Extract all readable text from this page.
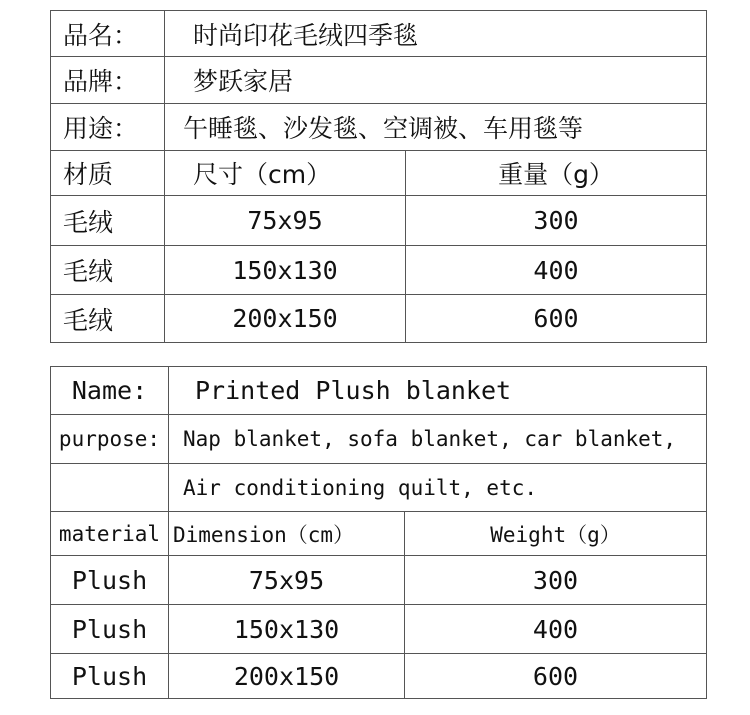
品名：	时尚印花毛绒四季毯	
品牌：	梦跃家居	
用途：	午睡毯、沙发毯、空调被、车用毯等	
材质	尺寸（cm）	重量（g）
毛绒	75x95	300
毛绒	150x130	400
毛绒	200x150	600
Name:	Printed Plush blanket	
purpose:	Nap blanket, sofa blanket, car blanket,	
	Air conditioning quilt, etc.	
material	Dimension（cm）	Weight（g）
Plush	75x95	300
Plush	150x130	400
Plush	200x150	600
